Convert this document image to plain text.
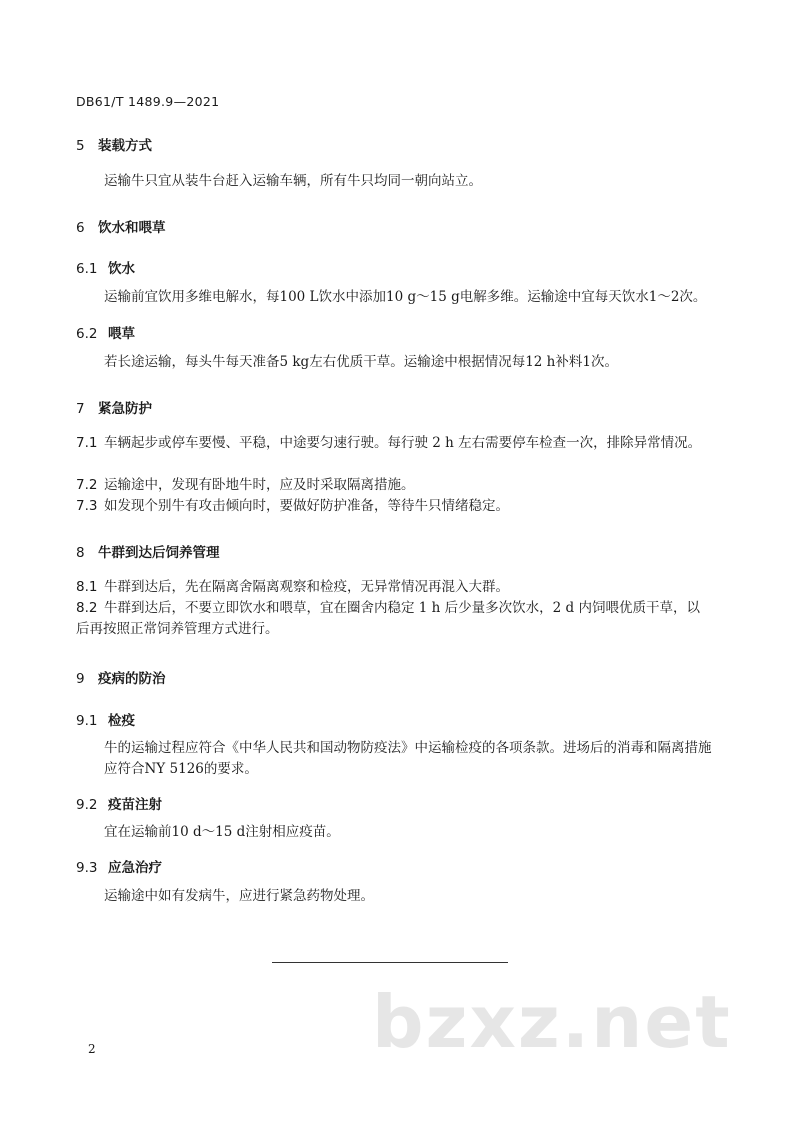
DB61/T 1489.9—2021
5 装载方式
运输牛只宜从装牛台赶入运输车辆，所有牛只均同一朝向站立。
6 饮水和喂草
6.1 饮水
运输前宜饮用多维电解水，每100 L饮水中添加10 g～15 g电解多维。运输途中宜每天饮水1～2次。
6.2 喂草
若长途运输，每头牛每天准备5 kg左右优质干草。运输途中根据情况每12 h补料1次。
7 紧急防护
7.1 车辆起步或停车要慢、平稳，中途要匀速行驶。每行驶 2 h 左右需要停车检查一次，排除异常情况。
7.2 运输途中，发现有卧地牛时，应及时采取隔离措施。
7.3 如发现个别牛有攻击倾向时，要做好防护准备，等待牛只情绪稳定。
8 牛群到达后饲养管理
8.1 牛群到达后，先在隔离舍隔离观察和检疫，无异常情况再混入大群。
8.2 牛群到达后，不要立即饮水和喂草，宜在圈舍内稳定 1 h 后少量多次饮水，2 d 内饲喂优质干草，以后再按照正常饲养管理方式进行。
9 疫病的防治
9.1 检疫
牛的运输过程应符合《中华人民共和国动物防疫法》中运输检疫的各项条款。进场后的消毒和隔离措施应符合NY 5126的要求。
9.2 疫苗注射
宜在运输前10 d～15 d注射相应疫苗。
9.3 应急治疗
运输途中如有发病牛，应进行紧急药物处理。
bzxz.net
2
